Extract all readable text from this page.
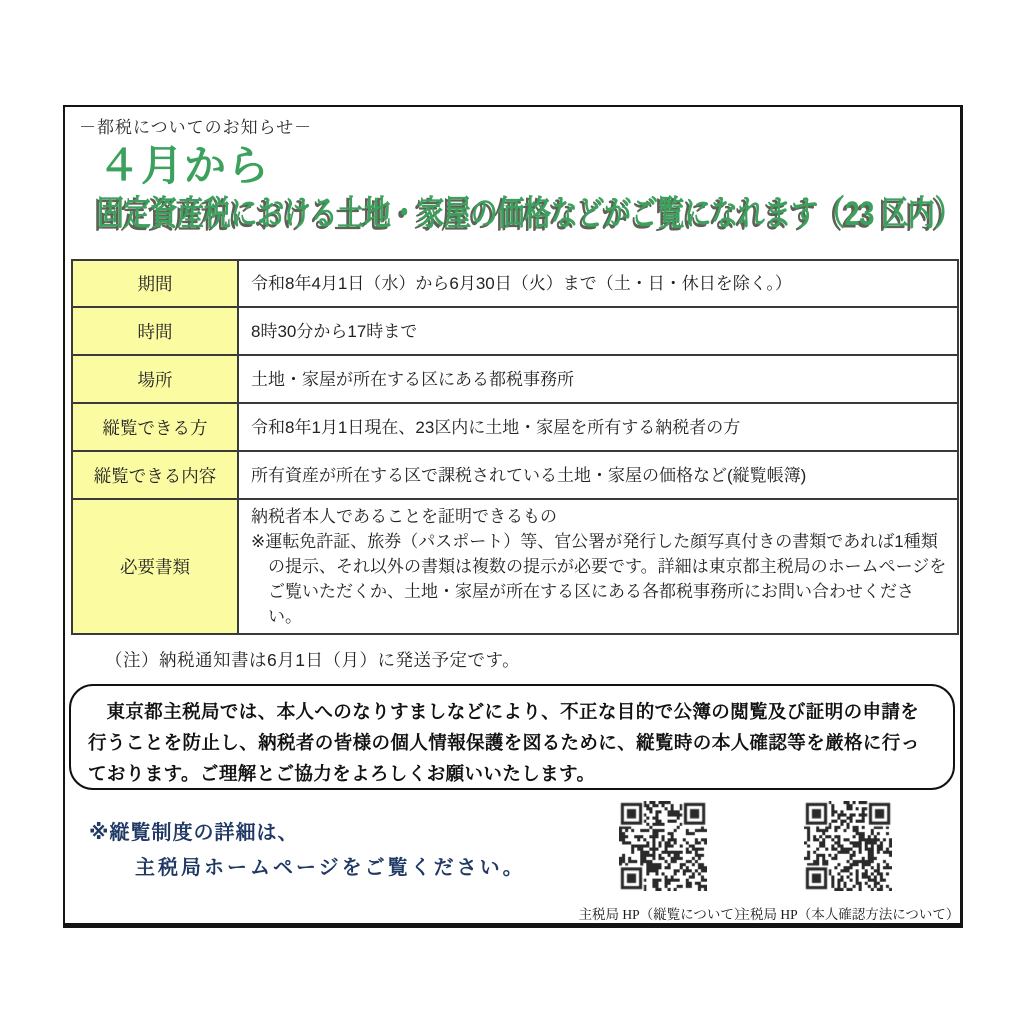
－都税についてのお知らせ－
４月から
固定資産税における土地・家屋の価格などがご覧になれます（23 区内）
期間	令和8年4月1日（水）から6月30日（火）まで（土・日・休日を除く。）
時間	8時30分から17時まで
場所	土地・家屋が所在する区にある都税事務所
縦覧できる方	令和8年1月1日現在、23区内に土地・家屋を所有する納税者の方
縦覧できる内容	所有資産が所在する区で課税されている土地・家屋の価格など(縦覧帳簿)
必要書類	納税者本人であることを証明できるもの
※運転免許証、旅券（パスポート）等、官公署が発行した顔写真付きの書類であれば1種類の提示、それ以外の書類は複数の提示が必要です。詳細は東京都主税局のホームページをご覧いただくか、土地・家屋が所在する区にある各都税事務所にお問い合わせください。
（注）納税通知書は6月1日（月）に発送予定です。
東京都主税局では、本人へのなりすましなどにより、不正な目的で公簿の閲覧及び証明の申請を行うことを防止し、納税者の皆様の個人情報保護を図るために、縦覧時の本人確認等を厳格に行っております。ご理解とご協力をよろしくお願いいたします。
※縦覧制度の詳細は、
主税局ホームページをご覧ください。
主税局 HP（縦覧について）
主税局 HP（本人確認方法について）
